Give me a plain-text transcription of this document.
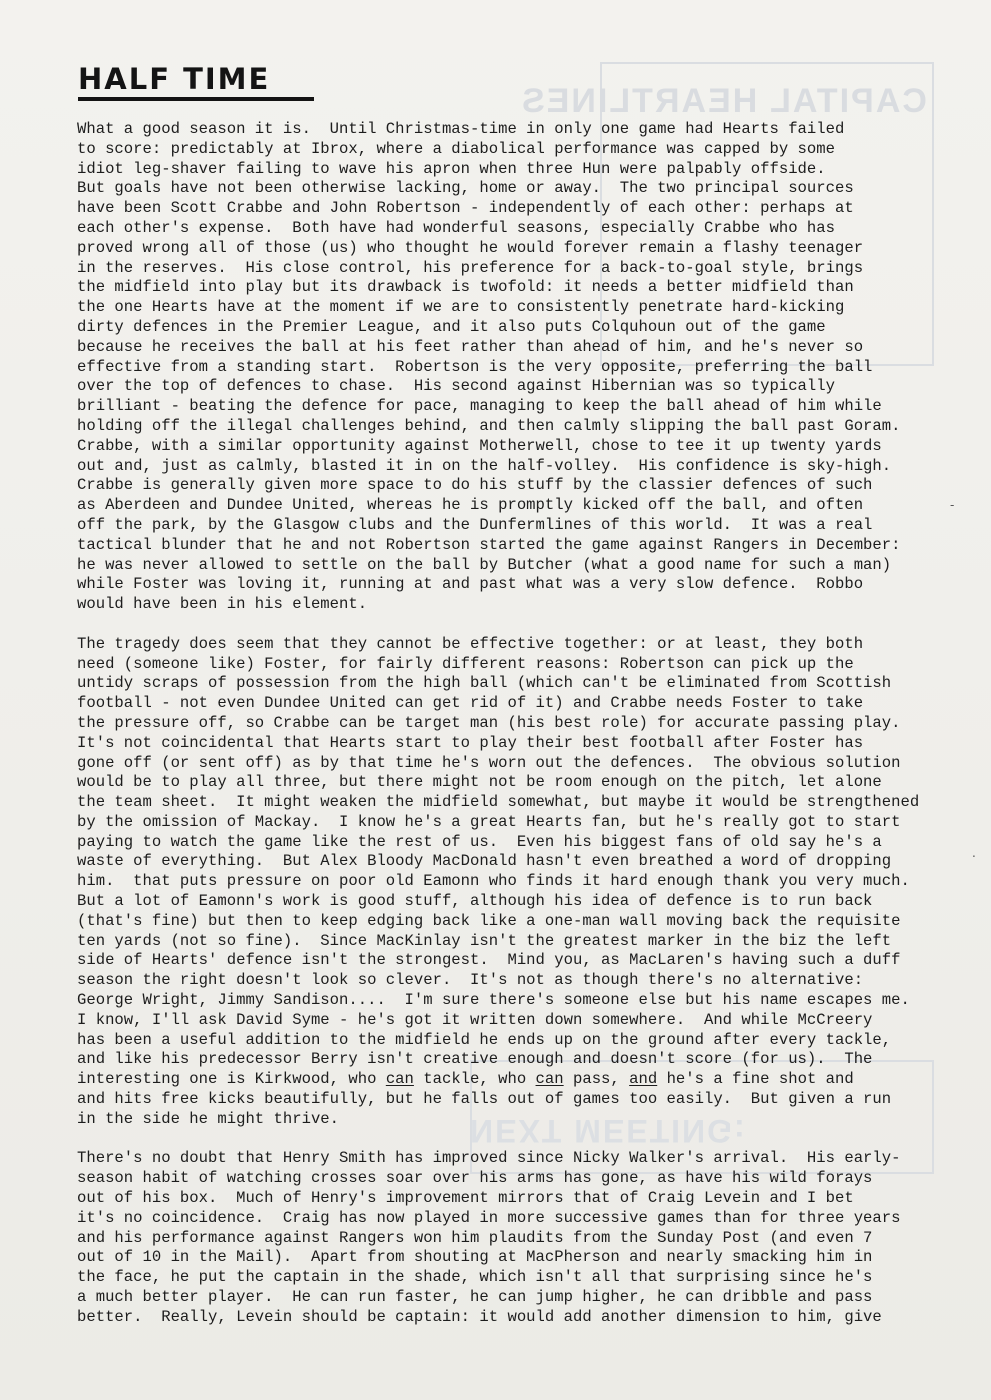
CAPITAL HEARTLINES
NEXT MEETING:
HALF TIME
What a good season it is.  Until Christmas-time in only one game had Hearts failed
to score: predictably at Ibrox, where a diabolical performance was capped by some
idiot leg-shaver failing to wave his apron when three Hun were palpably offside.
But goals have not been otherwise lacking, home or away.  The two principal sources
have been Scott Crabbe and John Robertson - independently of each other: perhaps at
each other's expense.  Both have had wonderful seasons, especially Crabbe who has
proved wrong all of those (us) who thought he would forever remain a flashy teenager
in the reserves.  His close control, his preference for a back-to-goal style, brings
the midfield into play but its drawback is twofold: it needs a better midfield than
the one Hearts have at the moment if we are to consistently penetrate hard-kicking
dirty defences in the Premier League, and it also puts Colquhoun out of the game
because he receives the ball at his feet rather than ahead of him, and he's never so
effective from a standing start.  Robertson is the very opposite, preferring the ball
over the top of defences to chase.  His second against Hibernian was so typically
brilliant - beating the defence for pace, managing to keep the ball ahead of him while
holding off the illegal challenges behind, and then calmly slipping the ball past Goram.
Crabbe, with a similar opportunity against Motherwell, chose to tee it up twenty yards
out and, just as calmly, blasted it in on the half-volley.  His confidence is sky-high.
Crabbe is generally given more space to do his stuff by the classier defences of such
as Aberdeen and Dundee United, whereas he is promptly kicked off the ball, and often
off the park, by the Glasgow clubs and the Dunfermlines of this world.  It was a real
tactical blunder that he and not Robertson started the game against Rangers in December:
he was never allowed to settle on the ball by Butcher (what a good name for such a man)
while Foster was loving it, running at and past what was a very slow defence.  Robbo
would have been in his element.
The tragedy does seem that they cannot be effective together: or at least, they both
need (someone like) Foster, for fairly different reasons: Robertson can pick up the
untidy scraps of possession from the high ball (which can't be eliminated from Scottish
football - not even Dundee United can get rid of it) and Crabbe needs Foster to take
the pressure off, so Crabbe can be target man (his best role) for accurate passing play.
It's not coincidental that Hearts start to play their best football after Foster has
gone off (or sent off) as by that time he's worn out the defences.  The obvious solution
would be to play all three, but there might not be room enough on the pitch, let alone
the team sheet.  It might weaken the midfield somewhat, but maybe it would be strengthened
by the omission of Mackay.  I know he's a great Hearts fan, but he's really got to start
paying to watch the game like the rest of us.  Even his biggest fans of old say he's a
waste of everything.  But Alex Bloody MacDonald hasn't even breathed a word of dropping
him.  that puts pressure on poor old Eamonn who finds it hard enough thank you very much.
But a lot of Eamonn's work is good stuff, although his idea of defence is to run back
(that's fine) but then to keep edging back like a one-man wall moving back the requisite
ten yards (not so fine).  Since MacKinlay isn't the greatest marker in the biz the left
side of Hearts' defence isn't the strongest.  Mind you, as MacLaren's having such a duff
season the right doesn't look so clever.  It's not as though there's no alternative:
George Wright, Jimmy Sandison....  I'm sure there's someone else but his name escapes me.
I know, I'll ask David Syme - he's got it written down somewhere.  And while McCreery
has been a useful addition to the midfield he ends up on the ground after every tackle,
and like his predecessor Berry isn't creative enough and doesn't score (for us).  The
interesting one is Kirkwood, who can tackle, who can pass, and he's a fine shot and
and hits free kicks beautifully, but he falls out of games too easily.  But given a run
in the side he might thrive.
There's no doubt that Henry Smith has improved since Nicky Walker's arrival.  His early-
season habit of watching crosses soar over his arms has gone, as have his wild forays
out of his box.  Much of Henry's improvement mirrors that of Craig Levein and I bet
it's no coincidence.  Craig has now played in more successive games than for three years
and his performance against Rangers won him plaudits from the Sunday Post (and even 7
out of 10 in the Mail).  Apart from shouting at MacPherson and nearly smacking him in
the face, he put the captain in the shade, which isn't all that surprising since he's
a much better player.  He can run faster, he can jump higher, he can dribble and pass
better.  Really, Levein should be captain: it would add another dimension to him, give
-
.
